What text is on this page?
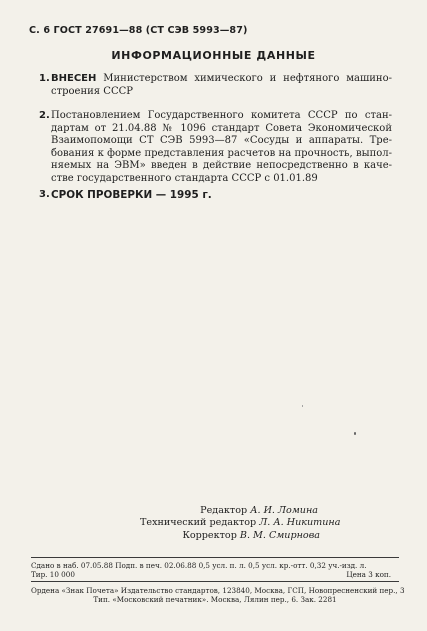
С. 6 ГОСТ 27691—88 (СТ СЭВ 5993—87)
ИНФОРМАЦИОННЫЕ ДАННЫЕ
1. ВНЕСЕН Министерством химического и нефтяного машино-
строения СССР
2. Постановлением Государственного комитета СССР по стан-
дартам от 21.04.88 № 1096 стандарт Совета Экономической
Взаимопомощи СТ СЭВ 5993—87 «Сосуды и аппараты. Тре-
бования к форме представления расчетов на прочность, выпол-
няемых на ЭВМ» введен в действие непосредственно в каче-
стве государственного стандарта СССР с 01.01.89
3. СРОК ПРОВЕРКИ — 1995 г.
Редактор А. И. Ломина
Технический редактор Л. А. Никитина
Корректор В. М. Смирнова
Сдано в наб. 07.05.88 Подп. в печ. 02.06.88 0,5 усл. п. л. 0,5 усл. кр.-отт. 0,32 уч.-изд. л.
Тир. 10 000	Цена 3 коп.
Ордена «Знак Почета» Издательство стандартов, 123840, Москва, ГСП, Новопресненский пер., 3
Тип. «Московский печатник». Москва, Лялин пер., 6. Зак. 2281
